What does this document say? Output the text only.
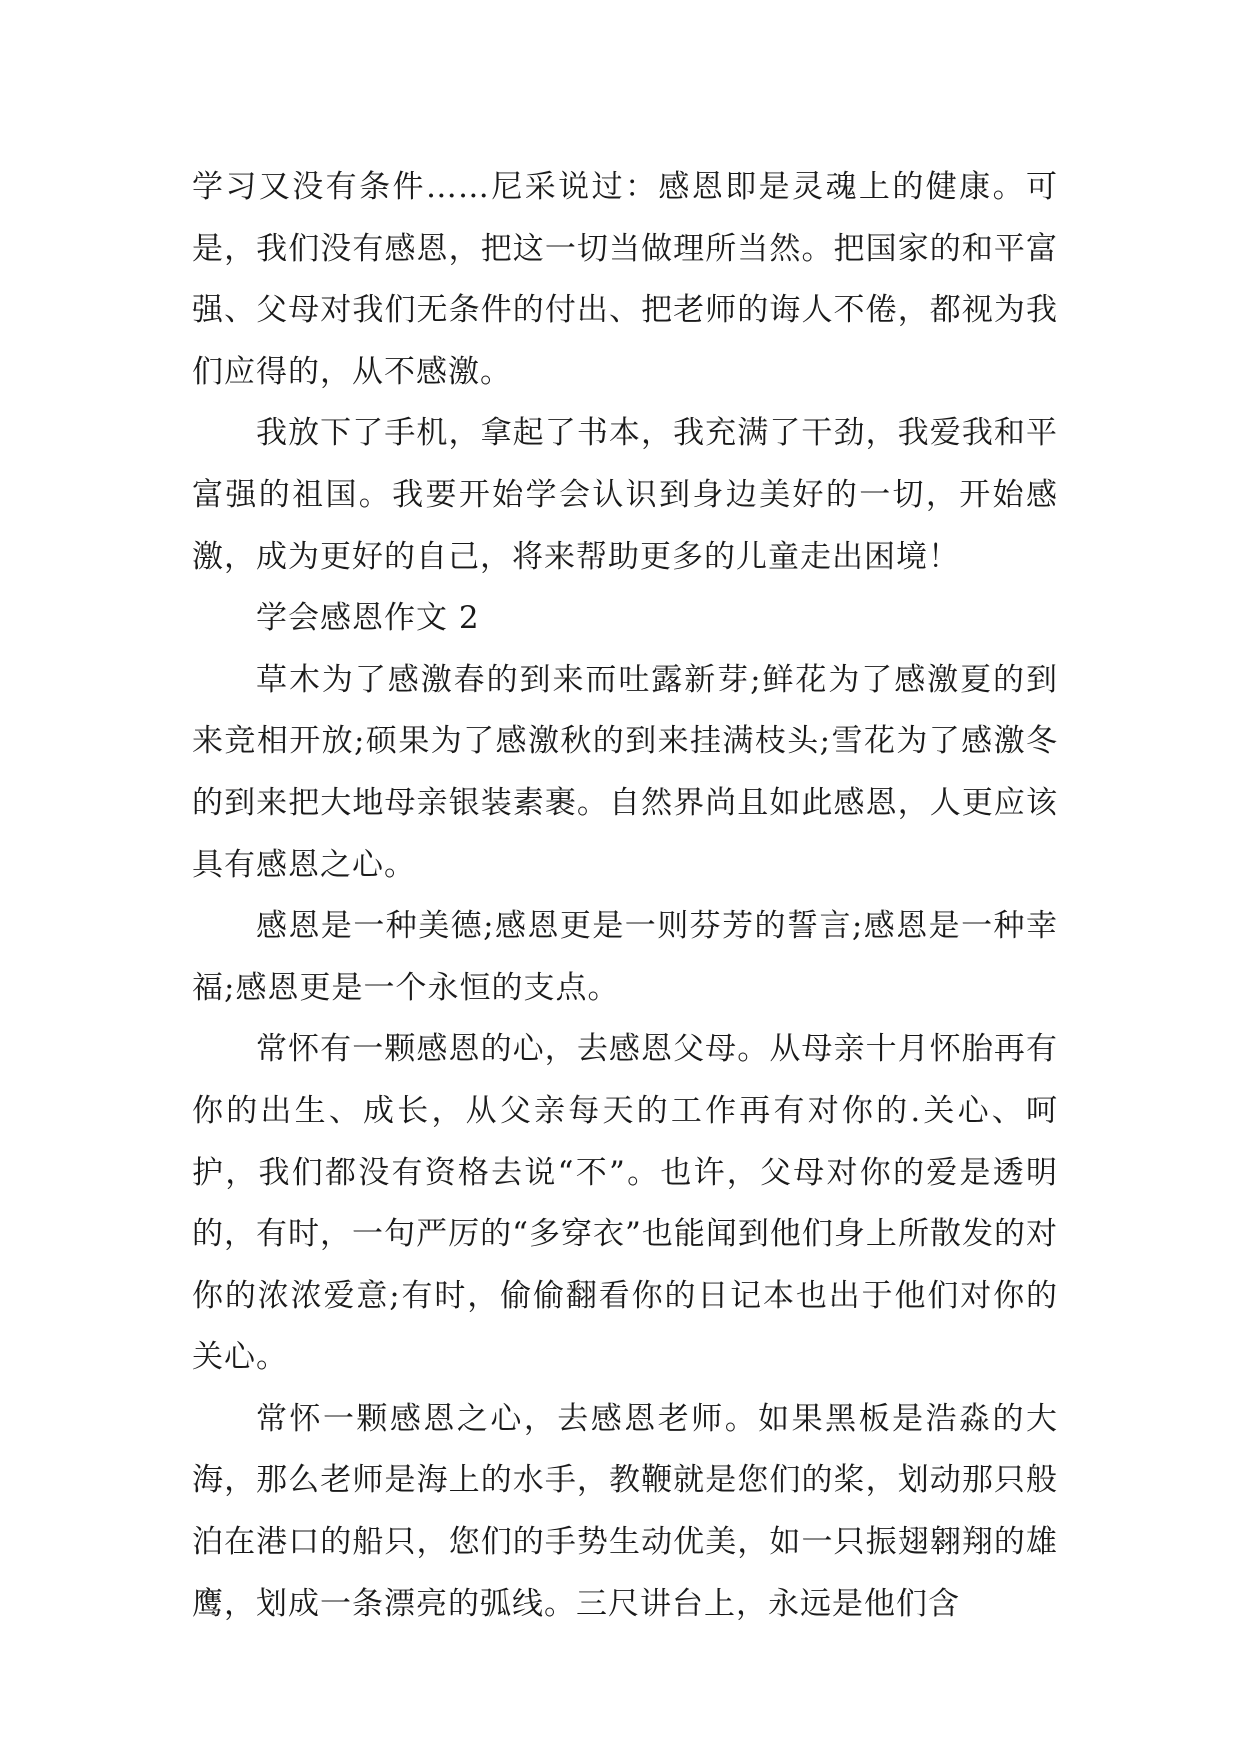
学习又没有条件……尼采说过：感恩即是灵魂上的健康。可是，我们没有感恩，把这一切当做理所当然。把国家的和平富强、父母对我们无条件的付出、把老师的诲人不倦，都视为我们应得的，从不感激。

我放下了手机，拿起了书本，我充满了干劲，我爱我和平富强的祖国。我要开始学会认识到身边美好的一切，开始感激，成为更好的自己，将来帮助更多的儿童走出困境！

学会感恩作文 2

草木为了感激春的到来而吐露新芽;鲜花为了感激夏的到来竞相开放;硕果为了感激秋的到来挂满枝头;雪花为了感激冬的到来把大地母亲银装素裹。自然界尚且如此感恩，人更应该具有感恩之心。

感恩是一种美德;感恩更是一则芬芳的誓言;感恩是一种幸福;感恩更是一个永恒的支点。

常怀有一颗感恩的心，去感恩父母。从母亲十月怀胎再有你的出生、成长，从父亲每天的工作再有对你的.关心、呵护，我们都没有资格去说“不”。也许，父母对你的爱是透明的，有时，一句严厉的“多穿衣”也能闻到他们身上所散发的对你的浓浓爱意;有时，偷偷翻看你的日记本也出于他们对你的关心。

常怀一颗感恩之心，去感恩老师。如果黑板是浩淼的大海，那么老师是海上的水手，教鞭就是您们的桨，划动那只般泊在港口的船只，您们的手势生动优美，如一只振翅翱翔的雄鹰，划成一条漂亮的弧线。三尺讲台上，永远是他们含
